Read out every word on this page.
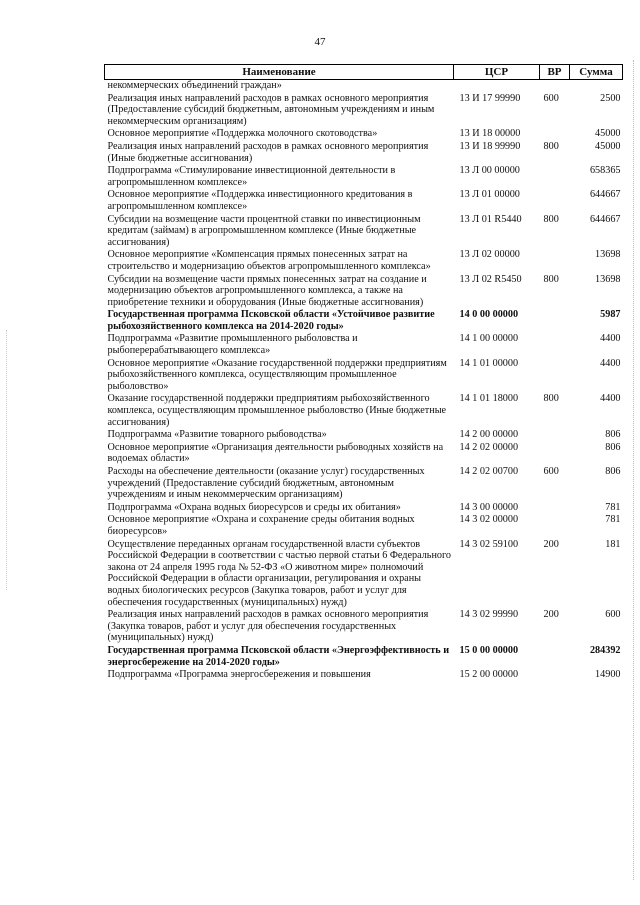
47
Наименование	ЦСР	ВР	Сумма
некоммерческих объединений граждан»			
Реализация иных направлений расходов в рамках основного мероприятия (Предоставление субсидий бюджетным, автономным учреждениям и иным некоммерческим организациям)	13 И 17 99990	600	2500
Основное мероприятие «Поддержка молочного скотоводства»	13 И 18 00000		45000
Реализация иных направлений расходов в рамках основного мероприятия (Иные бюджетные ассигнования)	13 И 18 99990	800	45000
Подпрограмма «Стимулирование инвестиционной деятельности в агропромышленном комплексе»	13 Л 00 00000		658365
Основное мероприятие «Поддержка инвестиционного кредитования в агропромышленном комплексе»	13 Л 01 00000		644667
Субсидии на возмещение части процентной ставки по инвестиционным кредитам (займам) в агропромышленном комплексе (Иные бюджетные ассигнования)	13 Л 01 R5440	800	644667
Основное мероприятие «Компенсация прямых понесенных затрат на строительство и модернизацию объектов агропромышленного комплекса»	13 Л 02 00000		13698
Субсидии на возмещение части прямых понесенных затрат на создание и модернизацию объектов агропромышленного комплекса, а также на приобретение техники и оборудования (Иные бюджетные ассигнования)	13 Л 02 R5450	800	13698
Государственная программа Псковской области «Устойчивое развитие рыбохозяйственного комплекса на 2014-2020 годы»	14 0 00 00000		5987
Подпрограмма «Развитие промышленного рыболовства и рыбоперерабатывающего комплекса»	14 1 00 00000		4400
Основное мероприятие «Оказание государственной поддержки предприятиям рыбохозяйственного комплекса, осуществляющим промышленное рыболовство»	14 1 01 00000		4400
Оказание государственной поддержки предприятиям рыбохозяйственного комплекса, осуществляющим промышленное рыболовство (Иные бюджетные ассигнования)	14 1 01 18000	800	4400
Подпрограмма «Развитие товарного рыбоводства»	14 2 00 00000		806
Основное мероприятие «Организация деятельности рыбоводных хозяйств на водоемах области»	14 2 02 00000		806
Расходы на обеспечение деятельности (оказание услуг) государственных учреждений (Предоставление субсидий бюджетным, автономным учреждениям и иным некоммерческим организациям)	14 2 02 00700	600	806
Подпрограмма «Охрана водных биоресурсов и среды их обитания»	14 3 00 00000		781
Основное мероприятие «Охрана и сохранение среды обитания водных биоресурсов»	14 3 02 00000		781
Осуществление переданных органам государственной власти субъектов Российской Федерации в соответствии с частью первой статьи 6 Федерального закона от 24 апреля 1995 года № 52-ФЗ «О животном мире» полномочий Российской Федерации в области организации, регулирования и охраны водных биологических ресурсов (Закупка товаров, работ и услуг для обеспечения государственных (муниципальных) нужд)	14 3 02 59100	200	181
Реализация иных направлений расходов в рамках основного мероприятия (Закупка товаров, работ и услуг для обеспечения государственных (муниципальных) нужд)	14 3 02 99990	200	600
Государственная программа Псковской области «Энергоэффективность и энергосбережение на 2014-2020 годы»	15 0 00 00000		284392
Подпрограмма «Программа энергосбережения и повышения	15 2 00 00000		14900
